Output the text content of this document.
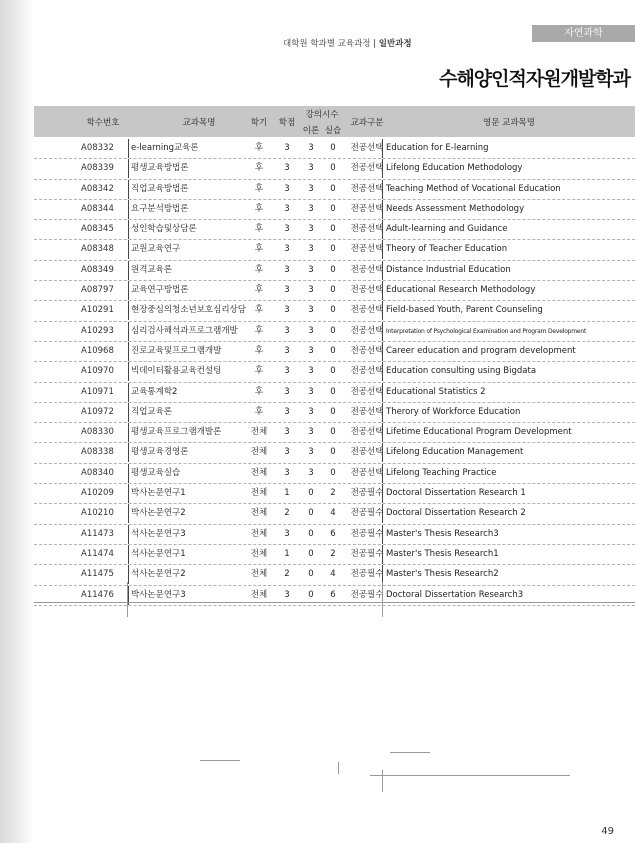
대학원 학과별 교육과정 | 일반과정
자연과학
수해양인적자원개발학과
학수번호	교과목명	학기	학점
강의시수
이론 실습
교과구분	영문 교과목명
A08332	e-learning교육론	후	3	3	0	전공선택 Education for E-learning
A08339	평생교육방법론	후	3	3	0	전공선택 Lifelong Education Methodology
A08342	직업교육방법론	후	3	3	0	전공선택 Teaching Method of Vocational Education
A08344	요구분석방법론	후	3	3	0	전공선택 Needs Assessment Methodology
A08345	성인학습및상담론	후	3	3	0	전공선택 Adult-learning and Guidance
A08348	교원교육연구	후	3	3	0	전공선택 Theory of Teacher Education
A08349	원격교육론	후	3	3	0	전공선택 Distance Industrial Education
A08797	교육연구방법론	후	3	3	0	전공선택 Educational Research Methodology
A10291	현장중심의청소년보호심리상담	후	3	3	0	전공선택 Field-based Youth, Parent Counseling
A10293	심리검사해석과프로그램개발	후	3	3	0	전공선택 Interpretation of Psychological Examination and Program Development
A10968	진로교육및프로그램개발	후	3	3	0	전공선택 Career education and program development
A10970	빅데이터활용교육컨설팅	후	3	3	0	전공선택 Education consulting using Bigdata
A10971	교육통계학2	후	3	3	0	전공선택 Educational Statistics 2
A10972	직업교육론	후	3	3	0	전공선택 Therory of Workforce Education
A08330	평생교육프로그램개발론	전체	3	3	0	전공선택 Lifetime Educational Program Development
A08338	평생교육경영론	전체	3	3	0	전공선택 Lifelong Education Management
A08340	평생교육실습	전체	3	3	0	전공선택 Lifelong Teaching Practice
A10209	박사논문연구1	전체	1	0	2	전공필수 Doctoral Dissertation Research 1
A10210	박사논문연구2	전체	2	0	4	전공필수 Doctoral Dissertation Research 2
A11473	석사논문연구3	전체	3	0	6	전공필수 Master's Thesis Research3
A11474	석사논문연구1	전체	1	0	2	전공필수 Master's Thesis Research1
A11475	석사논문연구2	전체	2	0	4	전공필수 Master's Thesis Research2
A11476	박사논문연구3	전체	3	0	6	전공필수 Doctoral Dissertation Research3
49
